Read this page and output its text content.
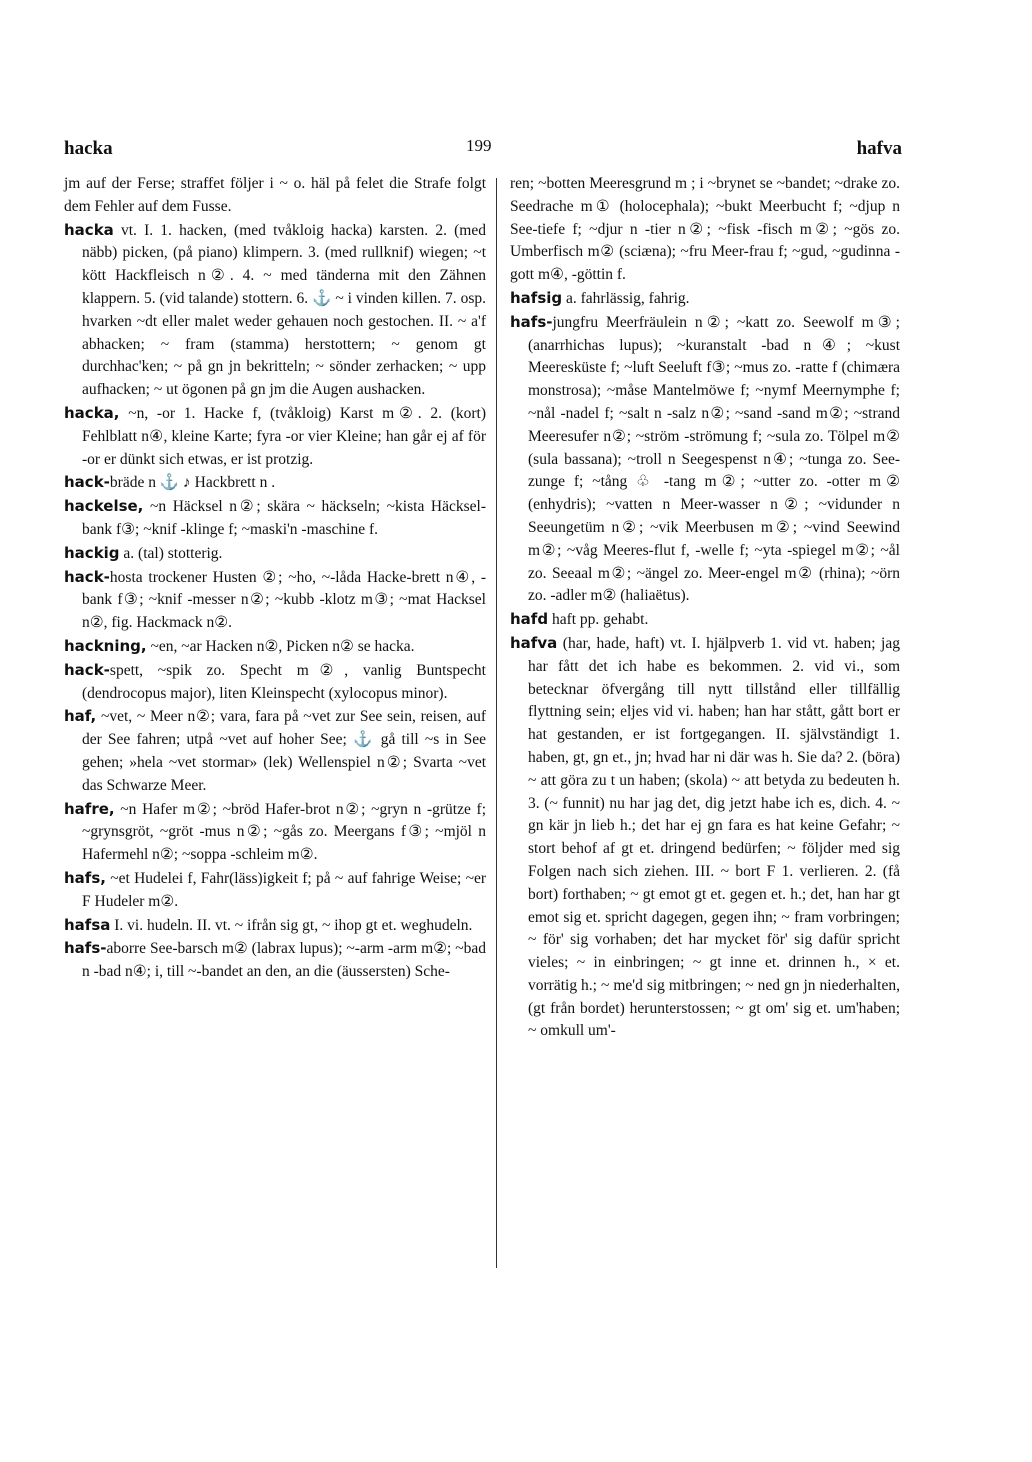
hacka	199	hafva

jm auf der Ferse; straffet följer i ~ o. häl på felet die Strafe folgt dem Fehler auf dem Fusse.

hacka vt. I. 1. hacken, (med tvåkloig hacka) karsten. 2. (med näbb) picken, (på piano) klimpern. 3. (med rullknif) wiegen; ~t kött Hackfleisch n②. 4. ~ med tänderna mit den Zähnen klappern. 5. (vid talande) stottern. 6. ⚓ ~ i vinden killen. 7. osp. hvarken ~dt eller malet weder gehauen noch gestochen. II. ~ a'f abhacken; ~ fram (stamma) herstottern; ~ genom gt durchhac'ken; ~ på gn jn bekritteln; ~ sönder zerhacken; ~ upp aufhacken; ~ ut ögonen på gn jm die Augen aushacken.

hacka, ~n, -or 1. Hacke f, (tvåkloig) Karst m②. 2. (kort) Fehlblatt n④, kleine Karte; fyra -or vier Kleine; han går ej af för -or er dünkt sich etwas, er ist protzig.

hack-bräde n ⚓ ♪ Hackbrett n .

hackelse, ~n Häcksel n②; skära ~ häckseln; ~kista Häcksel-bank f③; ~knif -klinge f; ~maski'n -maschine f.

hackig a. (tal) stotterig.

hack-hosta trockener Husten ②; ~ho, ~-låda Hacke-brett n④, -bank f③; ~knif -messer n②; ~kubb -klotz m③; ~mat Hacksel n②, fig. Hackmack n②.

hackning, ~en, ~ar Hacken n②, Picken n② se hacka.

hack-spett, ~spik zo. Specht m②, vanlig Buntspecht (dendrocopus major), liten Kleinspecht (xylocopus minor).

haf, ~vet, ~ Meer n②; vara, fara på ~vet zur See sein, reisen, auf der See fahren; utpå ~vet auf hoher See; ⚓ gå till ~s in See gehen; »hela ~vet stormar» (lek) Wellenspiel n②; Svarta ~vet das Schwarze Meer.

hafre, ~n Hafer m②; ~bröd Hafer-brot n②; ~gryn n -grütze f; ~grynsgröt, ~gröt -mus n②; ~gås zo. Meergans f③; ~mjöl n Hafermehl n②; ~soppa -schleim m②.

hafs, ~et Hudelei f, Fahr(läss)igkeit f; på ~ auf fahrige Weise; ~er F Hudeler m②.

hafsa I. vi. hudeln. II. vt. ~ ifrån sig gt, ~ ihop gt et. weghudeln.

hafs-aborre See-barsch m② (labrax lupus); ~-arm -arm m②; ~bad n -bad n④; i, till ~-bandet an den, an die (äussersten) Sche-

ren; ~botten Meeresgrund m ; i ~brynet se ~bandet; ~drake zo. Seedrache m① (holocephala); ~bukt Meerbucht f; ~djup n See-tiefe f; ~djur n -tier n②; ~fisk -fisch m②; ~gös zo. Umberfisch m② (sciæna); ~fru Meer-frau f; ~gud, ~gudinna -gott m④, -göttin f.

hafsig a. fahrlässig, fahrig.

hafs-jungfru Meerfräulein n②; ~katt zo. Seewolf m③; (anarrhichas lupus); ~kuranstalt -bad n④; ~kust Meeresküste f; ~luft Seeluft f③; ~mus zo. -ratte f (chimæra monstrosa); ~måse Mantelmöwe f; ~nymf Meernymphe f; ~nål -nadel f; ~salt n -salz n②; ~sand -sand m②; ~strand Meeresufer n②; ~ström -strömung f; ~sula zo. Tölpel m② (sula bassana); ~troll n Seegespenst n④; ~tunga zo. See-zunge f; ~tång ♧ -tang m②; ~utter zo. -otter m② (enhydris); ~vatten n Meer-wasser n②; ~vidunder n Seeungetüm n②; ~vik Meerbusen m②; ~vind Seewind m②; ~våg Meeres-flut f, -welle f; ~yta -spiegel m②; ~ål zo. Seeaal m②; ~ängel zo. Meer-engel m② (rhina); ~örn zo. -adler m② (haliaëtus).

hafd haft pp. gehabt.

hafva (har, hade, haft) vt. I. hjälpverb 1. vid vt. haben; jag har fått det ich habe es bekommen. 2. vid vi., som betecknar öfvergång till nytt tillstånd eller tillfällig flyttning sein; eljes vid vi. haben; han har stått, gått bort er hat gestanden, er ist fortgegangen. II. självständigt 1. haben, gt, gn et., jn; hvad har ni där was h. Sie da? 2. (böra) ~ att göra zu t un haben; (skola) ~ att betyda zu bedeuten h. 3. (~ funnit) nu har jag det, dig jetzt habe ich es, dich. 4. ~ gn kär jn lieb h.; det har ej gn fara es hat keine Gefahr; ~ stort behof af gt et. dringend bedürfen; ~ följder med sig Folgen nach sich ziehen. III. ~ bort F 1. verlieren. 2. (få bort) forthaben; ~ gt emot gt et. gegen et. h.; det, han har gt emot sig et. spricht dagegen, gegen ihn; ~ fram vorbringen; ~ för' sig vorhaben; det har mycket för' sig dafür spricht vieles; ~ in einbringen; ~ gt inne et. drinnen h., × et. vorrätig h.; ~ me'd sig mitbringen; ~ ned gn jn niederhalten, (gt från bordet) herunterstossen; ~ gt om' sig et. um'haben; ~ omkull um'-
